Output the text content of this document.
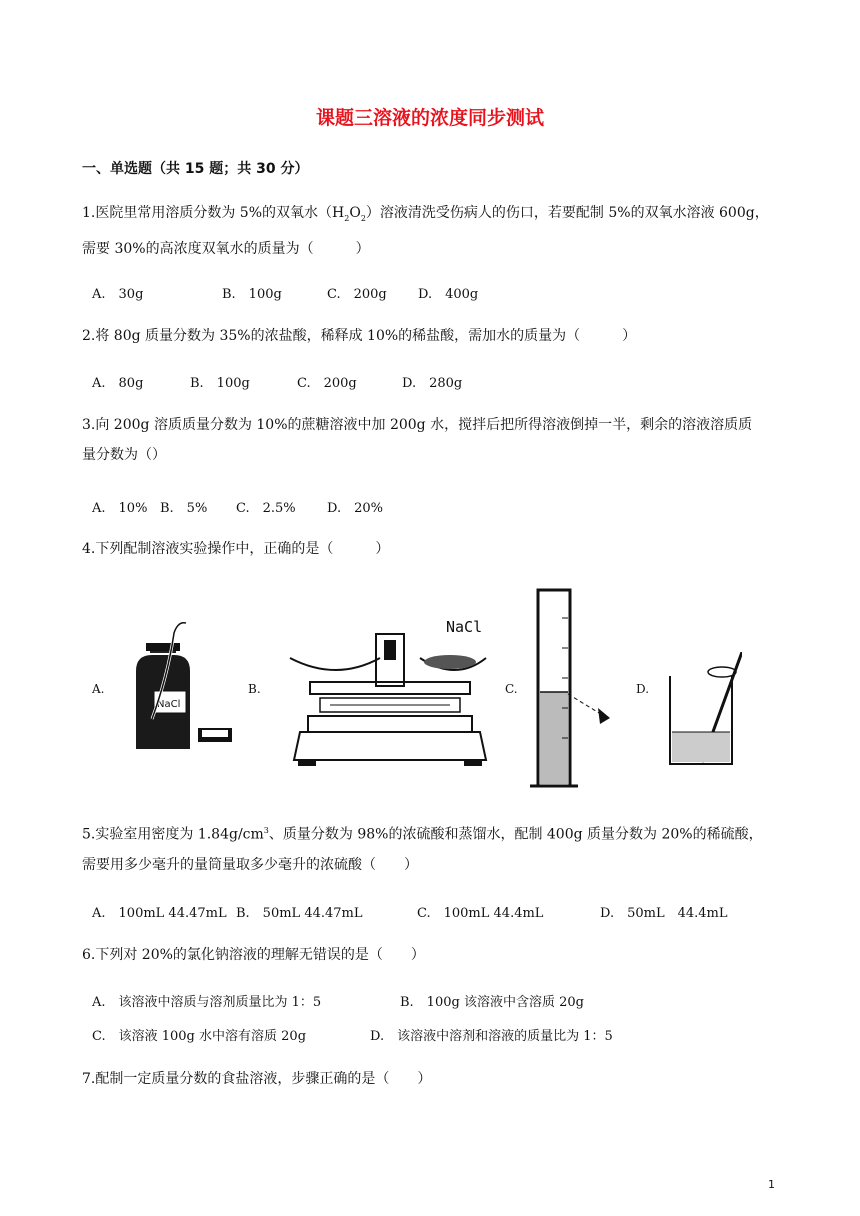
课题三溶液的浓度同步测试
一、单选题（共 15 题；共 30 分）
1.医院里常用溶质分数为 5%的双氧水$(H_2O_2)$溶液清洗受伤病人的伤口，若要配制 5%的双氧水溶液 600g，
需要 30%的高浓度双氧水的质量为（　　　）
A.　30g	B.　100g	C.　200g D.　400g
2.将 80g 质量分数为 35%的浓盐酸，稀释成 10%的稀盐酸，需加水的质量为（　　　）
A.　80g	B.　100g	C.　200g	D.　280g
3.向 200g 溶质质量分数为 10%的蔗糖溶液中加 200g 水，搅拌后把所得溶液倒掉一半，剩余的溶液溶质质
量分数为（）
A.　10% B.　5% C.　2.5% D.　20%
4.下列配制溶液实验操作中，正确的是（　　　）
A.	B.	C.	D.
NaCl
NaCl
5.实验室用密度为 $1.84g/cm^3$、质量分数为 98%的浓硫酸和蒸馏水，配制 400g 质量分数为 20%的稀硫酸，
需要用多少毫升的量筒量取多少毫升的浓硫酸（　　）
A.　100mL 44.47mL B.　50mL 44.47mL	C.　100mL 44.4mL	D.　50mL　44.4mL
6.下列对 20%的氯化钠溶液的理解无错误的是（　　）
A.　该溶液中溶质与溶剂质量比为 1：5	B.　100g 该溶液中含溶质 20g
C.　该溶液 100g 水中溶有溶质 20g	D.　该溶液中溶剂和溶液的质量比为 1：5
7.配制一定质量分数的食盐溶液，步骤正确的是（　　）
1
